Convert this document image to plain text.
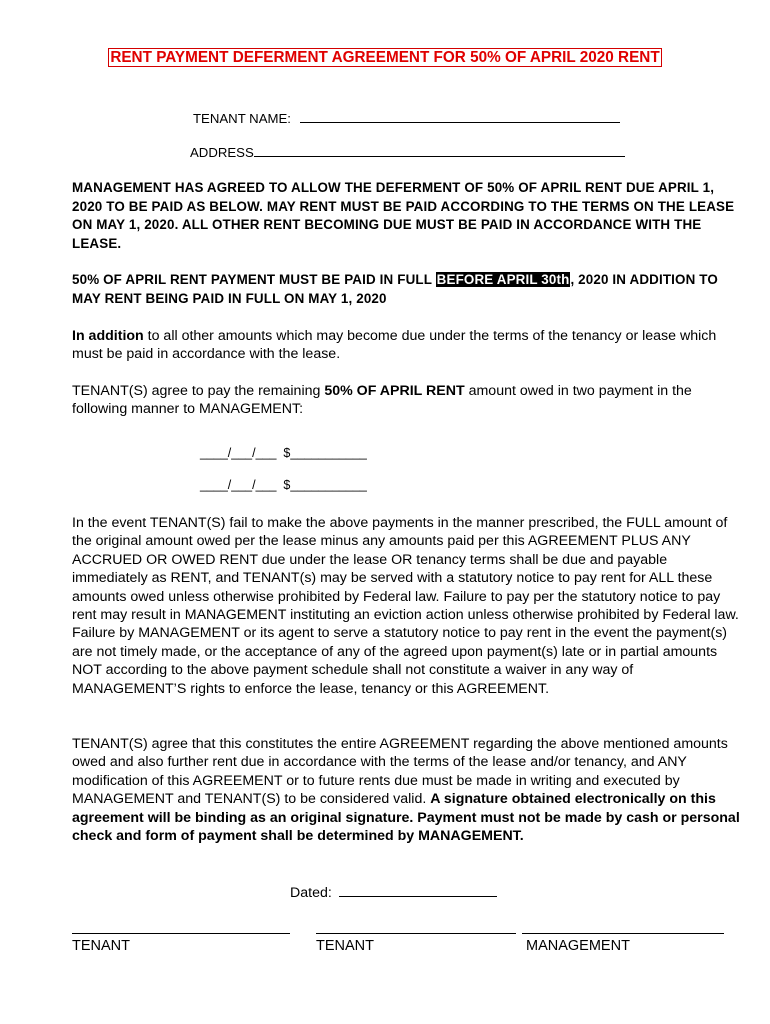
RENT PAYMENT DEFERMENT AGREEMENT FOR 50% OF APRIL 2020 RENT
TENANT NAME:
ADDRESS
MANAGEMENT HAS AGREED TO ALLOW THE DEFERMENT OF 50% OF APRIL RENT DUE APRIL 1, 2020 TO BE PAID AS BELOW. MAY RENT MUST BE PAID ACCORDING TO THE TERMS ON THE LEASE ON MAY 1, 2020. ALL OTHER RENT BECOMING DUE MUST BE PAID IN ACCORDANCE WITH THE LEASE.
50% OF APRIL RENT PAYMENT MUST BE PAID IN FULL BEFORE APRIL 30th, 2020 IN ADDITION TO MAY RENT BEING PAID IN FULL ON MAY 1, 2020
In addition to all other amounts which may become due under the terms of the tenancy or lease which must be paid in accordance with the lease.
TENANT(S) agree to pay the remaining 50% OF APRIL RENT amount owed in two payment in the following manner to MANAGEMENT:
____/___/___ $___________
____/___/___ $___________
In the event TENANT(S) fail to make the above payments in the manner prescribed, the FULL amount of the original amount owed per the lease minus any amounts paid per this AGREEMENT PLUS ANY ACCRUED OR OWED RENT due under the lease OR tenancy terms shall be due and payable immediately as RENT, and TENANT(s) may be served with a statutory notice to pay rent for ALL these amounts owed unless otherwise prohibited by Federal law. Failure to pay per the statutory notice to pay rent may result in MANAGEMENT instituting an eviction action unless otherwise prohibited by Federal law. Failure by MANAGEMENT or its agent to serve a statutory notice to pay rent in the event the payment(s) are not timely made, or the acceptance of any of the agreed upon payment(s) late or in partial amounts NOT according to the above payment schedule shall not constitute a waiver in any way of MANAGEMENT’S rights to enforce the lease, tenancy or this AGREEMENT.
TENANT(S) agree that this constitutes the entire AGREEMENT regarding the above mentioned amounts owed and also further rent due in accordance with the terms of the lease and/or tenancy, and ANY modification of this AGREEMENT or to future rents due must be made in writing and executed by MANAGEMENT and TENANT(S) to be considered valid. A signature obtained electronically on this agreement will be binding as an original signature. Payment must not be made by cash or personal check and form of payment shall be determined by MANAGEMENT.
Dated:
TENANT	TENANT	MANAGEMENT
